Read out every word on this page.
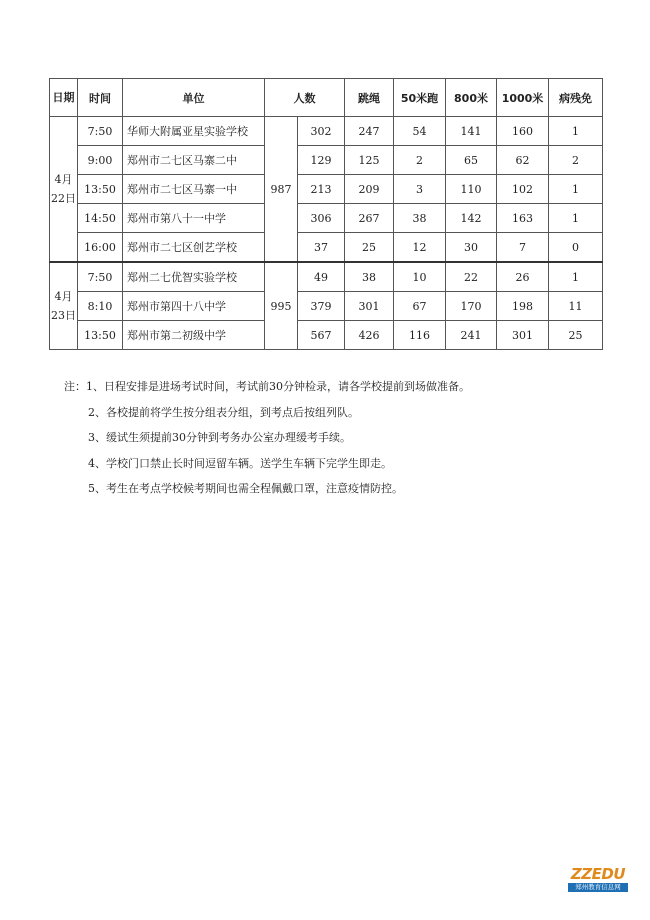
日期	时间	单位	人数		跳绳	50米跑	800米	1000米	病残免
4月22日	7:50	华师大附属亚星实验学校	987	302	247	54	141	160	1
	9:00	郑州市二七区马寨二中		129	125	2	65	62	2
	13:50	郑州市二七区马寨一中		213	209	3	110	102	1
	14:50	郑州市第八十一中学		306	267	38	142	163	1
	16:00	郑州市二七区创艺学校		37	25	12	30	7	0
4月23日	7:50	郑州二七优智实验学校	995	49	38	10	22	26	1
	8:10	郑州市第四十八中学		379	301	67	170	198	11
	13:50	郑州市第二初级中学		567	426	116	241	301	25
注：1、日程安排是进场考试时间，考试前30分钟检录，请各学校提前到场做准备。
2、各校提前将学生按分组表分组，到考点后按组列队。
3、缓试生须提前30分钟到考务办公室办理缓考手续。
4、学校门口禁止长时间逗留车辆。送学生车辆下完学生即走。
5、考生在考点学校候考期间也需全程佩戴口罩，注意疫情防控。
ZZEDU
郑州教育信息网
